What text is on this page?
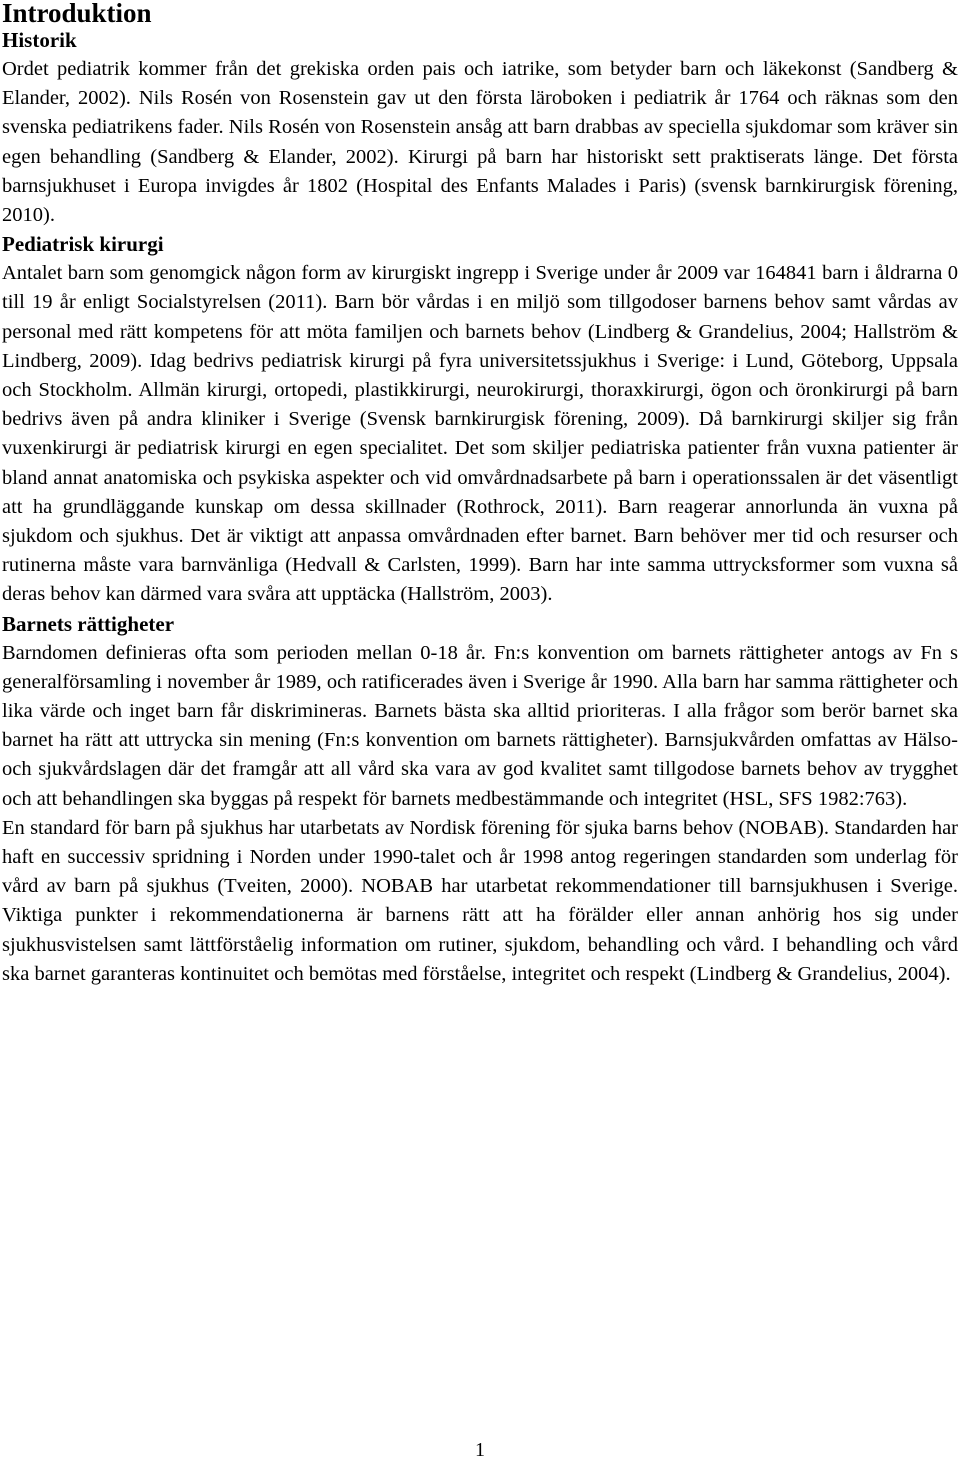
Introduktion
Historik

Ordet pediatrik kommer från det grekiska orden pais och iatrike, som betyder barn och läkekonst (Sandberg & Elander, 2002). Nils Rosén von Rosenstein gav ut den första läroboken i pediatrik år 1764 och räknas som den svenska pediatrikens fader. Nils Rosén von Rosenstein ansåg att barn drabbas av speciella sjukdomar som kräver sin egen behandling (Sandberg & Elander, 2002). Kirurgi på barn har historiskt sett praktiserats länge. Det första barnsjukhuset i Europa invigdes år 1802 (Hospital des Enfants Malades i Paris) (svensk barnkirurgisk förening, 2010).

Pediatrisk kirurgi

Antalet barn som genomgick någon form av kirurgiskt ingrepp i Sverige under år 2009 var 164841 barn i åldrarna 0 till 19 år enligt Socialstyrelsen (2011). Barn bör vårdas i en miljö som tillgodoser barnens behov samt vårdas av personal med rätt kompetens för att möta familjen och barnets behov (Lindberg & Grandelius, 2004; Hallström & Lindberg, 2009). Idag bedrivs pediatrisk kirurgi på fyra universitetssjukhus i Sverige: i Lund, Göteborg, Uppsala och Stockholm. Allmän kirurgi, ortopedi, plastikkirurgi, neurokirurgi, thoraxkirurgi, ögon och öronkirurgi på barn bedrivs även på andra kliniker i Sverige (Svensk barnkirurgisk förening, 2009). Då barnkirurgi skiljer sig från vuxenkirurgi är pediatrisk kirurgi en egen specialitet. Det som skiljer pediatriska patienter från vuxna patienter är bland annat anatomiska och psykiska aspekter och vid omvårdnadsarbete på barn i operationssalen är det väsentligt att ha grundläggande kunskap om dessa skillnader (Rothrock, 2011). Barn reagerar annorlunda än vuxna på sjukdom och sjukhus. Det är viktigt att anpassa omvårdnaden efter barnet. Barn behöver mer tid och resurser och rutinerna måste vara barnvänliga (Hedvall & Carlsten, 1999). Barn har inte samma uttrycksformer som vuxna så deras behov kan därmed vara svåra att upptäcka (Hallström, 2003).

Barnets rättigheter

Barndomen definieras ofta som perioden mellan 0-18 år. Fn:s konvention om barnets rättigheter antogs av Fn s generalförsamling i november år 1989, och ratificerades även i Sverige år 1990. Alla barn har samma rättigheter och lika värde och inget barn får diskrimineras. Barnets bästa ska alltid prioriteras. I alla frågor som berör barnet ska barnet ha rätt att uttrycka sin mening (Fn:s konvention om barnets rättigheter). Barnsjukvården omfattas av Hälso- och sjukvårdslagen där det framgår att all vård ska vara av god kvalitet samt tillgodose barnets behov av trygghet och att behandlingen ska byggas på respekt för barnets medbestämmande och integritet (HSL, SFS 1982:763).

En standard för barn på sjukhus har utarbetats av Nordisk förening för sjuka barns behov (NOBAB). Standarden har haft en successiv spridning i Norden under 1990-talet och år 1998 antog regeringen standarden som underlag för vård av barn på sjukhus (Tveiten, 2000). NOBAB har utarbetat rekommendationer till barnsjukhusen i Sverige. Viktiga punkter i rekommendationerna är barnens rätt att ha förälder eller annan anhörig hos sig under sjukhusvistelsen samt lättförståelig information om rutiner, sjukdom, behandling och vård. I behandling och vård ska barnet garanteras kontinuitet och bemötas med förståelse, integritet och respekt (Lindberg & Grandelius, 2004).

1
